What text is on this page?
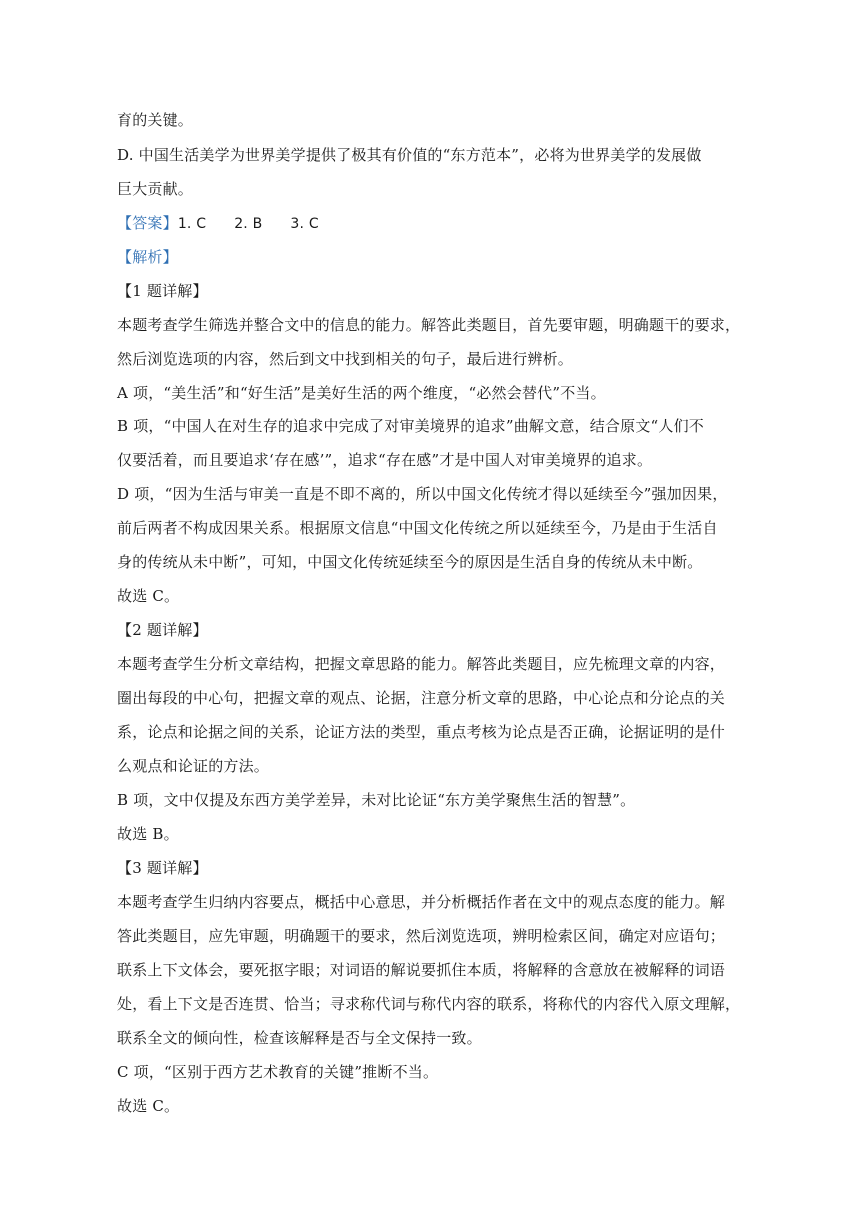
育的关键。
D. 中国生活美学为世界美学提供了极其有价值的“东方范本”，必将为世界美学的发展做
巨大贡献。
【答案】1. C 2. B 3. C
【解析】
【1 题详解】
本题考查学生筛选并整合文中的信息的能力。解答此类题目，首先要审题，明确题干的要求，
然后浏览选项的内容，然后到文中找到相关的句子，最后进行辨析。
A 项，“美生活”和“好生活”是美好生活的两个维度，“必然会替代”不当。
B 项，“中国人在对生存的追求中完成了对审美境界的追求”曲解文意，结合原文“人们不
仅要活着，而且要追求‘存在感’”，追求“存在感”才是中国人对审美境界的追求。
D 项，“因为生活与审美一直是不即不离的，所以中国文化传统才得以延续至今”强加因果，
前后两者不构成因果关系。根据原文信息“中国文化传统之所以延续至今，乃是由于生活自
身的传统从未中断”，可知，中国文化传统延续至今的原因是生活自身的传统从未中断。
故选 C。
【2 题详解】
本题考查学生分析文章结构，把握文章思路的能力。解答此类题目，应先梳理文章的内容，
圈出每段的中心句，把握文章的观点、论据，注意分析文章的思路，中心论点和分论点的关
系，论点和论据之间的关系，论证方法的类型，重点考核为论点是否正确，论据证明的是什
么观点和论证的方法。
B 项，文中仅提及东西方美学差异，未对比论证“东方美学聚焦生活的智慧”。
故选 B。
【3 题详解】
本题考查学生归纳内容要点，概括中心意思，并分析概括作者在文中的观点态度的能力。解
答此类题目，应先审题，明确题干的要求，然后浏览选项，辨明检索区间，确定对应语句；
联系上下文体会，要死抠字眼；对词语的解说要抓住本质，将解释的含意放在被解释的词语
处，看上下文是否连贯、恰当；寻求称代词与称代内容的联系，将称代的内容代入原文理解，
联系全文的倾向性，检查该解释是否与全文保持一致。
C 项，“区别于西方艺术教育的关键”推断不当。
故选 C。
